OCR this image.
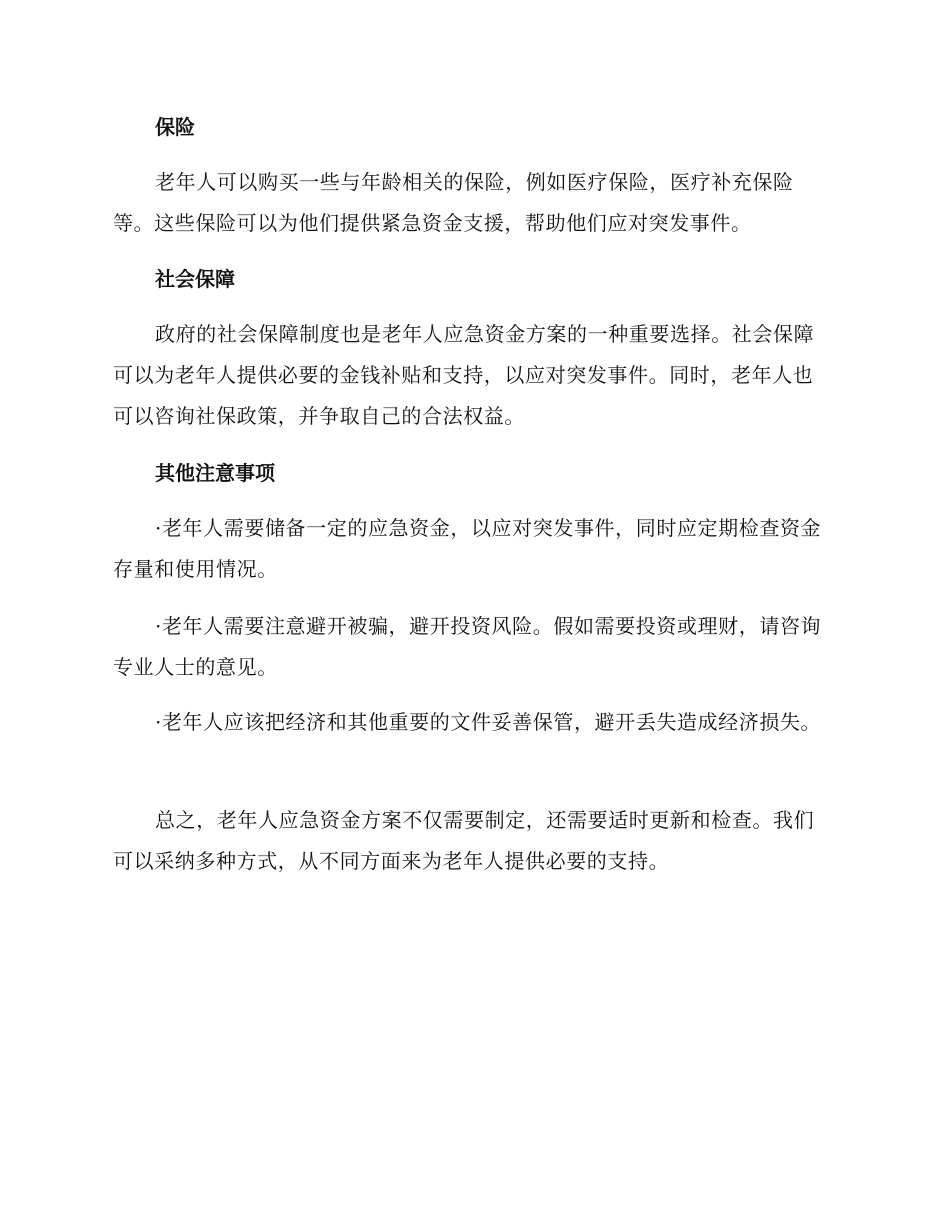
保险

老年人可以购买一些与年龄相关的保险，例如医疗保险，医疗补充保险等。这些保险可以为他们提供紧急资金支援，帮助他们应对突发事件。

社会保障

政府的社会保障制度也是老年人应急资金方案的一种重要选择。社会保障可以为老年人提供必要的金钱补贴和支持，以应对突发事件。同时，老年人也可以咨询社保政策，并争取自己的合法权益。

其他注意事项

·老年人需要储备一定的应急资金，以应对突发事件，同时应定期检查资金存量和使用情况。

·老年人需要注意避开被骗，避开投资风险。假如需要投资或理财，请咨询专业人士的意见。

·老年人应该把经济和其他重要的文件妥善保管，避开丢失造成经济损失。

总之，老年人应急资金方案不仅需要制定，还需要适时更新和检查。我们可以采纳多种方式，从不同方面来为老年人提供必要的支持。
